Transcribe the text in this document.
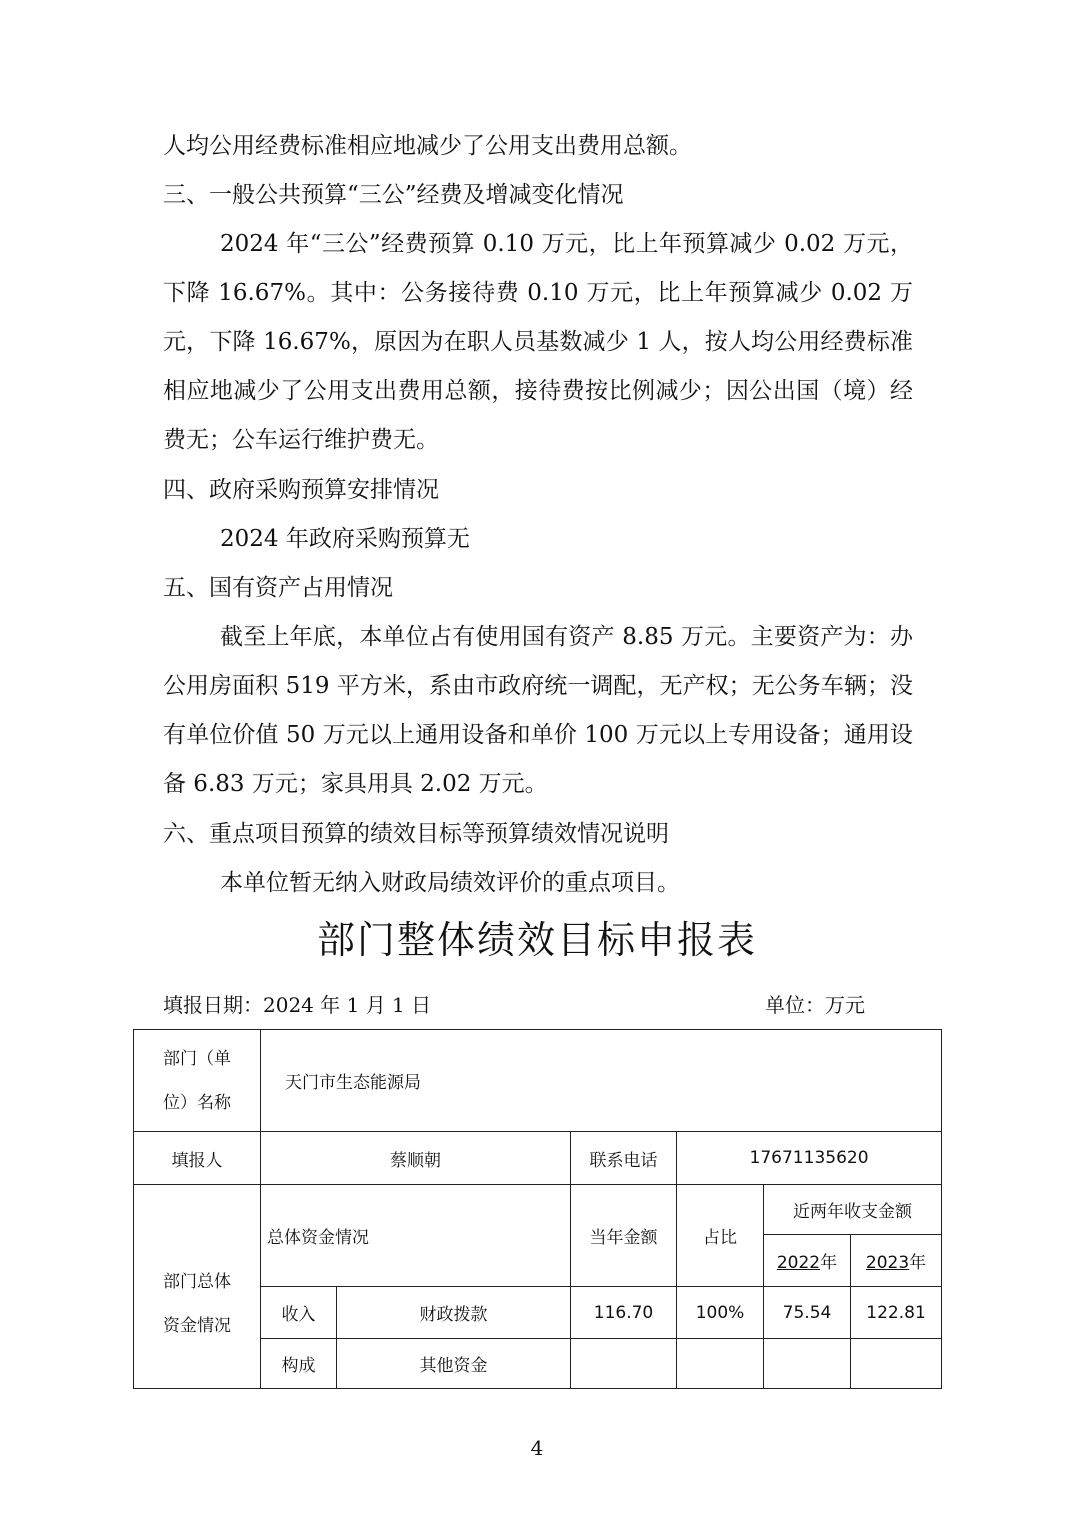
人均公用经费标准相应地减少了公用支出费用总额。

三、一般公共预算“三公”经费及增减变化情况

2024 年“三公”经费预算 0.10 万元，比上年预算减少 0.02 万元，下降 16.67%。其中：公务接待费 0.10 万元，比上年预算减少 0.02 万元，下降 16.67%，原因为在职人员基数减少 1 人，按人均公用经费标准相应地减少了公用支出费用总额，接待费按比例减少；因公出国（境）经费无；公车运行维护费无。

四、政府采购预算安排情况

2024 年政府采购预算无

五、国有资产占用情况

截至上年底，本单位占有使用国有资产 8.85 万元。主要资产为：办公用房面积 519 平方米，系由市政府统一调配，无产权；无公务车辆；没有单位价值 50 万元以上通用设备和单价 100 万元以上专用设备；通用设备 6.83 万元；家具用具 2.02 万元。

六、重点项目预算的绩效目标等预算绩效情况说明

本单位暂无纳入财政局绩效评价的重点项目。

部门整体绩效目标申报表
填报日期：2024 年 1 月 1 日	单位：万元
部门（单
位）名称	天门市生态能源局					
填报人	蔡顺朝		联系电话	17671135620		

部门总体
资金情况	总体资金情况		当年金额	占比	近两年收支金额	
					2022年	2023年
	收入	财政拨款	116.70	100%	75.54	122.81
	构成	其他资金				
4
